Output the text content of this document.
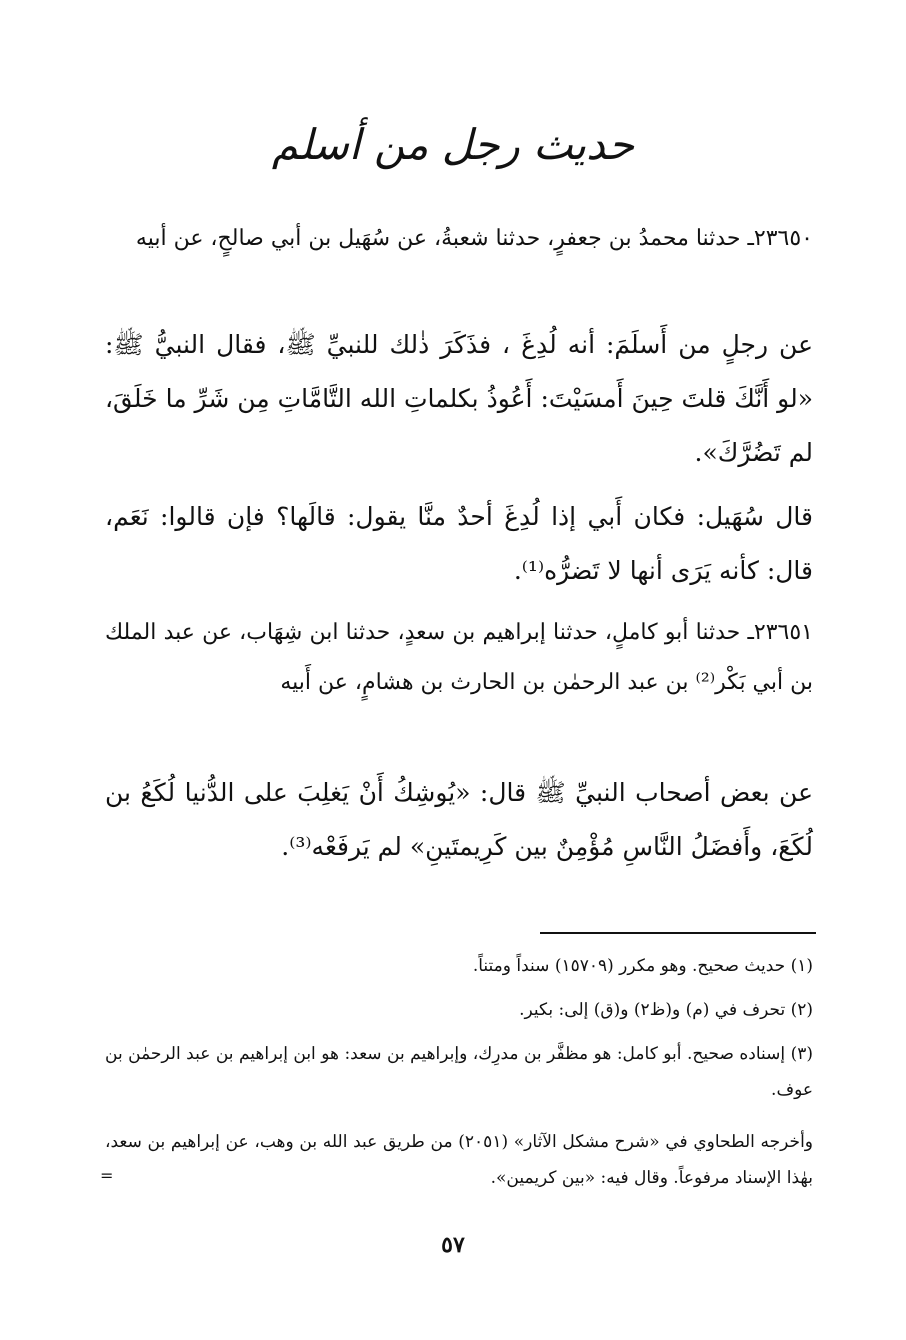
حديث رجل من أسلم
٢٣٦٥٠ـ حدثنا محمدُ بن جعفرٍ، حدثنا شعبةُ، عن سُهَيل بن أبي صالحٍ، عن أبيه
عن رجلٍ من أَسلَمَ: أنه لُدِغَ ، فذَكَرَ ذٰلك للنبيِّ ﷺ، فقال النبيُّ ﷺ: «لو أَنَّكَ قلتَ حِينَ أَمسَيْتَ: أَعُوذُ بكلماتِ الله التَّامَّاتِ مِن شَرِّ ما خَلَقَ، لم تَضُرَّكَ».
قال سُهَيل: فكان أَبي إذا لُدِغَ أحدٌ منَّا يقول: قالَها؟ فإن قالوا: نَعَم، قال: كأنه يَرَى أنها لا تَضرُّه⁽¹⁾.
٢٣٦٥١ـ حدثنا أبو كاملٍ، حدثنا إبراهيم بن سعدٍ، حدثنا ابن شِهَاب، عن عبد الملك بن أبي بَكْر⁽²⁾ بن عبد الرحمٰن بن الحارث بن هشامٍ، عن أَبيه
عن بعض أصحاب النبيِّ ﷺ قال: «يُوشِكُ أَنْ يَغلِبَ على الدُّنيا لُكَعُ بن لُكَعَ، وأَفضَلُ النَّاسِ مُؤْمِنٌ بين كَرِيمتَينِ» لم يَرفَعْه⁽³⁾.
(١) حديث صحيح. وهو مكرر (١٥٧٠٩) سنداً ومتناً.
(٢) تحرف في (م) و(ظ٢) و(ق) إلى: بكير.
(٣) إسناده صحيح. أبو كامل: هو مظفَّر بن مدرِك، وإبراهيم بن سعد: هو ابن إبراهيم بن عبد الرحمٰن بن عوف.
وأخرجه الطحاوي في «شرح مشكل الآثار» (٢٠٥١) من طريق عبد الله بن وهب، عن إبراهيم بن سعد، بهٰذا الإسناد مرفوعاً. وقال فيه: «بين كريمين».
=
٥٧
